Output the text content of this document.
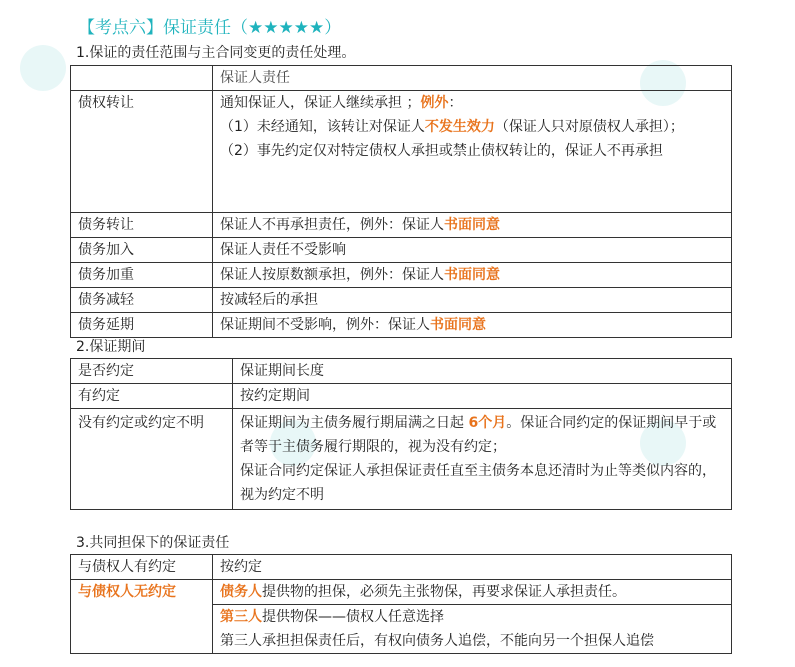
【考点六】保证责任（★★★★★）
1.保证的责任范围与主合同变更的责任处理。
	保证人责任
债权转让	通知保证人，保证人继续承担 ；例外：
（1）未经通知，该转让对保证人不发生效力（保证人只对原债权人承担）；
（2）事先约定仅对特定债权人承担或禁止债权转让的，保证人不再承担

债务转让	保证人不再承担责任，例外：保证人书面同意
债务加入	保证人责任不受影响
债务加重	保证人按原数额承担，例外：保证人书面同意
债务减轻	按减轻后的承担
债务延期	保证期间不受影响，例外：保证人书面同意
2.保证期间
是否约定	保证期间长度
有约定	按约定期间
没有约定或约定不明	保证期间为主债务履行期届满之日起 6个月。保证合同约定的保证期间早于或者等于主债务履行期限的，视为没有约定；
保证合同约定保证人承担保证责任直至主债务本息还清时为止等类似内容的，视为约定不明
3.共同担保下的保证责任
与债权人有约定	按约定
与债权人无约定	债务人提供物的担保，必须先主张物保，再要求保证人承担责任。

	第三人提供物保——债权人任意选择
第三人承担担保责任后，有权向债务人追偿，不能向另一个担保人追偿
